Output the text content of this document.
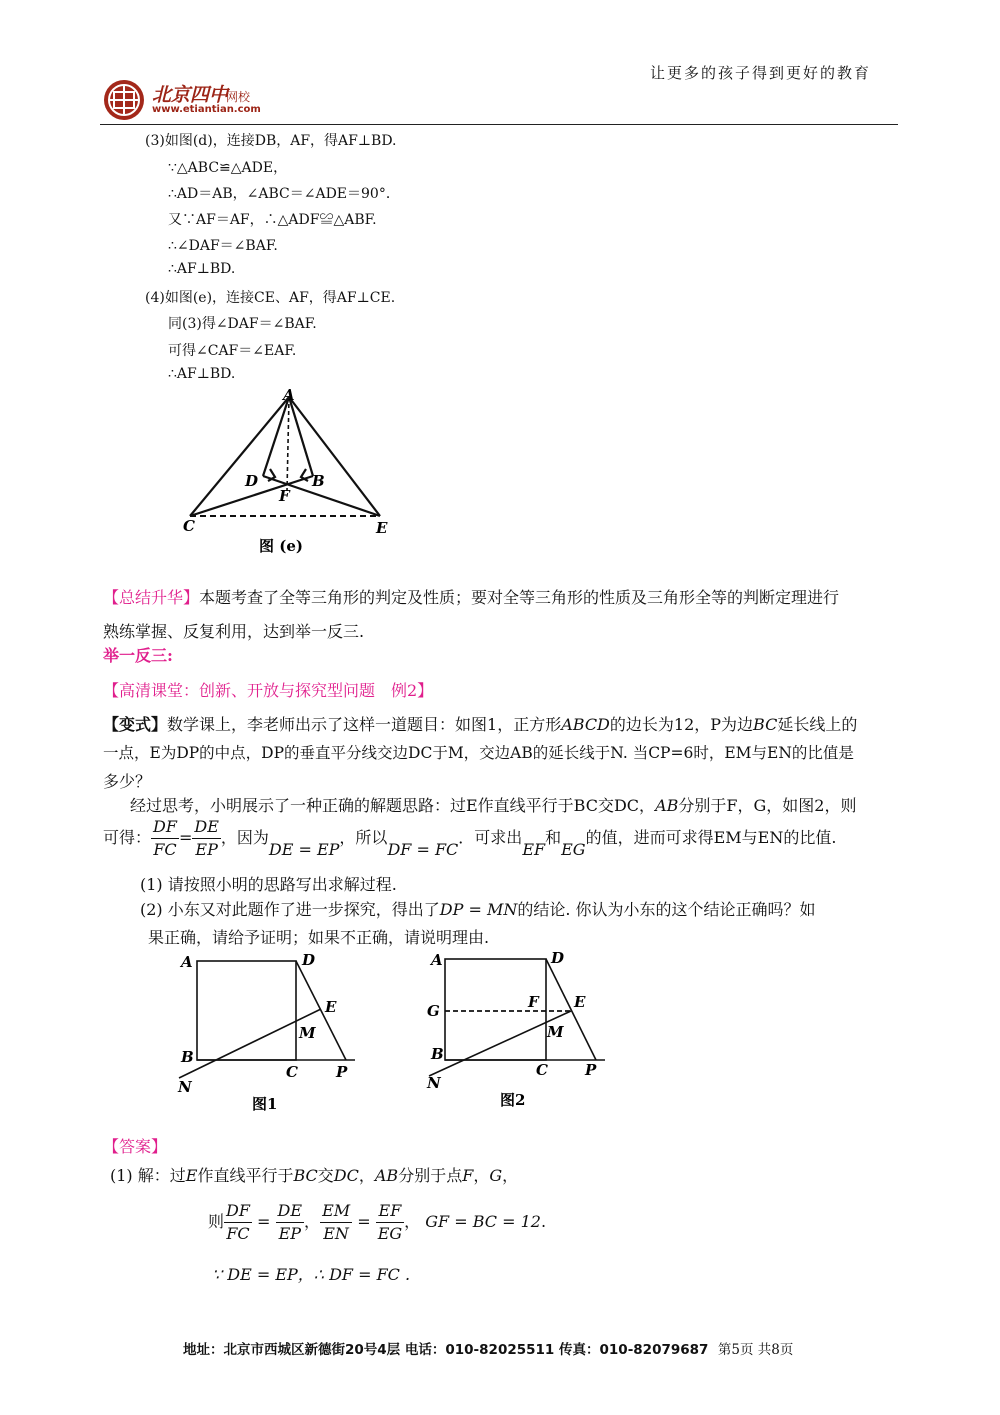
让更多的孩子得到更好的教育
北京四中
网校
www.etiantian.com
(3)如图(d)，连接DB，AF，得AF⊥BD.
∵△ABC≌△ADE，
∴AD＝AB，∠ABC＝∠ADE＝90°．
又∵AF＝AF，∴△ADF≌△ABF.
∴∠DAF＝∠BAF.
∴AF⊥BD.
(4)如图(e)，连接CE、AF，得AF⊥CE.
同(3)得∠DAF＝∠BAF.
可得∠CAF＝∠EAF.
∴AF⊥BD.
A
D	B
F
C	E
图 (e)
【总结升华】本题考查了全等三角形的判定及性质；要对全等三角形的性质及三角形全等的判断定理进行
熟练掌握、反复利用，达到举一反三.
举一反三:
【高清课堂：创新、开放与探究型问题　例2】
【变式】数学课上，李老师出示了这样一道题目：如图1，正方形ABCD的边长为12，P为边BC延长线上的
一点，E为DP的中点，DP的垂直平分线交边DC于M，交边AB的延长线于N. 当CP=6时，EM与EN的比值是
多少？
经过思考，小明展示了一种正确的解题思路：过E作直线平行于BC交DC，AB分别于F，G，如图2，则
可得： $\frac{DF}{FC} = \frac{DE}{EP}$ ，因为DE = EP，所以DF = FC．可求出EF和EG的值，进而可求得EM与EN的比值.
(1) 请按照小明的思路写出求解过程.
(2) 小东又对此题作了进一步探究，得出了DP = MN的结论. 你认为小东的这个结论正确吗？如
果正确，请给予证明；如果不正确，请说明理由.
A	D
E
M
B
C	P
N
图1
A	D
G	F E
M
B
C P
N
图2
【答案】
(1) 解：过E作直线平行于BC交DC，AB分别于点F，G，
则 $\frac{DF}{FC} = \frac{DE}{EP}$ ， $\frac{EM}{EN} = \frac{EF}{EG}$ ， GF = BC = 12.
∵ DE = EP，∴ DF = FC .
地址：北京市西城区新德街20号4层 电话：010-82025511 传真：010-82079687 第5页 共8页
